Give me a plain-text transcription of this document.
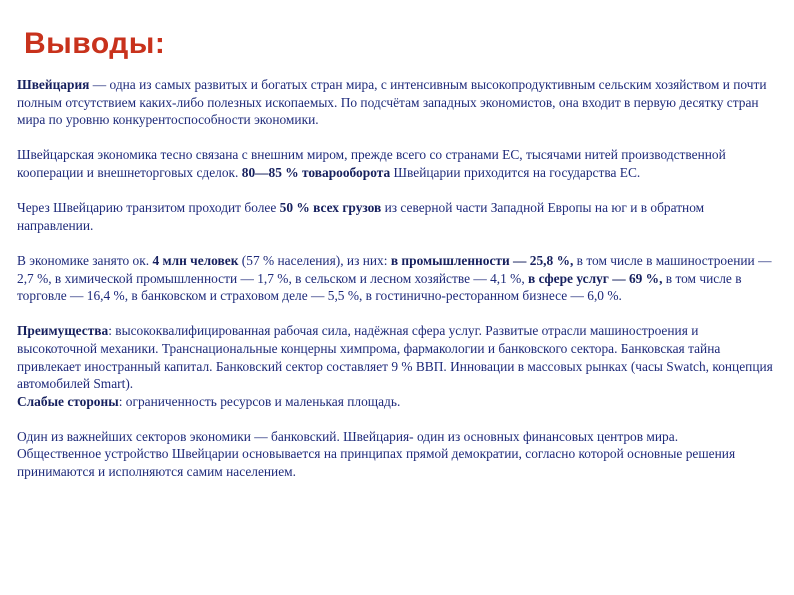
Выводы:

Швейцария — одна из самых развитых и богатых стран мира, с интенсивным высокопродуктивным сельским хозяйством и почти полным отсутствием каких-либо полезных ископаемых. По подсчётам западных экономистов, она входит в первую десятку стран мира по уровню конкурентоспособности экономики.

Швейцарская экономика тесно связана с внешним миром, прежде всего со странами ЕС, тысячами нитей производственной кооперации и внешнеторговых сделок. 80—85 % товарооборота Швейцарии приходится на государства ЕС.

Через Швейцарию транзитом проходит более 50 % всех грузов из северной части Западной Европы на юг и в обратном направлении.

В экономике занято ок. 4 млн человек (57 % населения), из них: в промышленности — 25,8 %, в том числе в машиностроении — 2,7 %, в химической промышленности — 1,7 %, в сельском и лесном хозяйстве — 4,1 %, в сфере услуг — 69 %, в том числе в торговле — 16,4 %, в банковском и страховом деле — 5,5 %, в гостинично-ресторанном бизнесе — 6,0 %.

Преимущества: высококвалифицированная рабочая сила, надёжная сфера услуг. Развитые отрасли машиностроения и высокоточной механики. Транснациональные концерны химпрома, фармакологии и банковского сектора. Банковская тайна привлекает иностранный капитал. Банковский сектор составляет 9 % ВВП. Инновации в массовых рынках (часы Swatch, концепция автомобилей Smart).

Слабые стороны: ограниченность ресурсов и маленькая площадь.

Один из важнейших секторов экономики — банковский. Швейцария- один из основных финансовых центров мира.

Общественное устройство Швейцарии основывается на принципах прямой демократии, согласно которой основные решения принимаются и исполняются самим населением.
